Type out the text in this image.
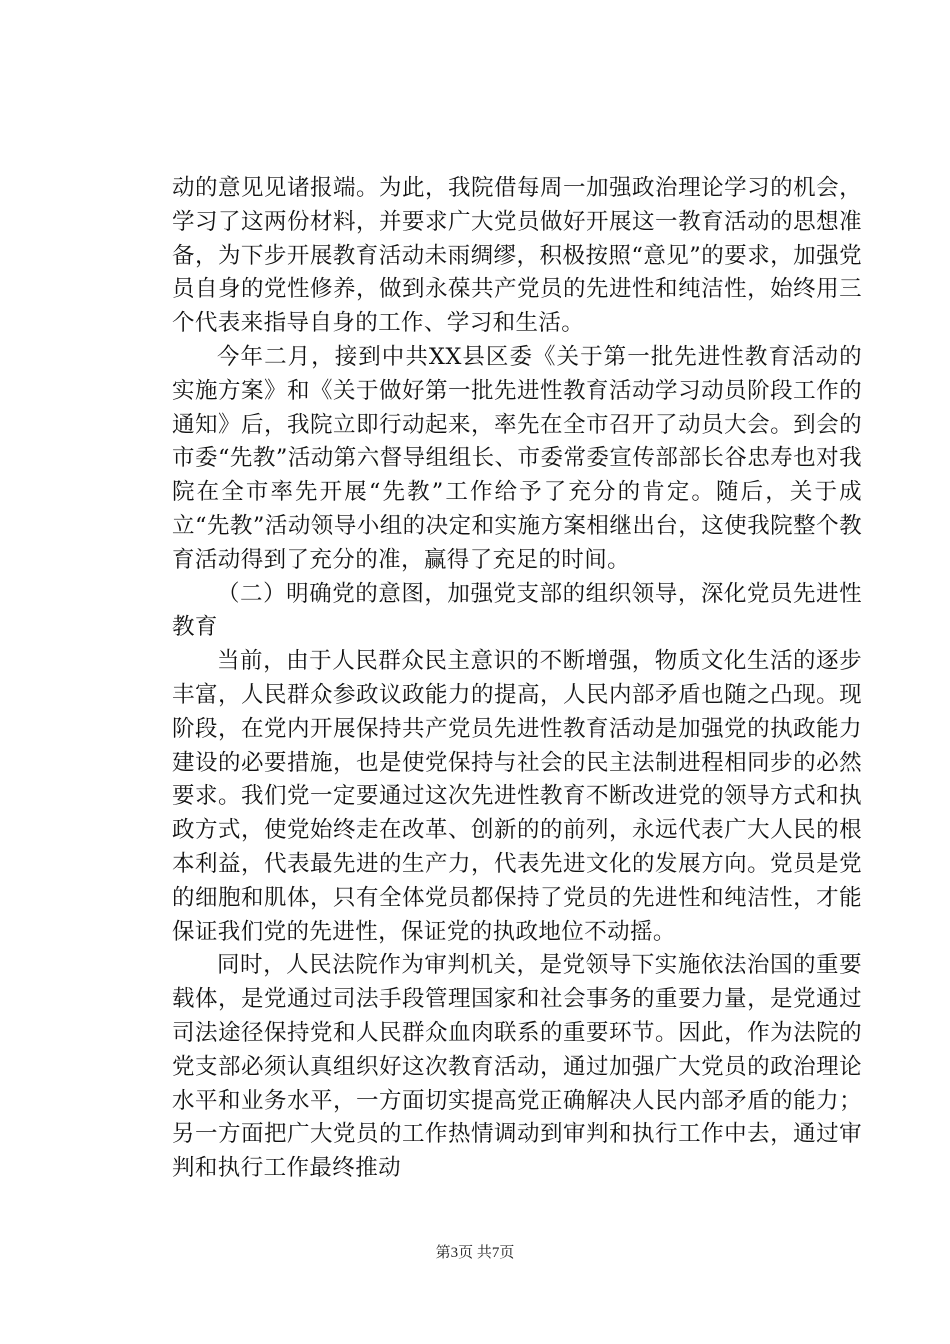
动的意见见诸报端。为此，我院借每周一加强政治理论学习的机会，学习了这两份材料，并要求广大党员做好开展这一教育活动的思想准备，为下步开展教育活动未雨绸缪，积极按照“意见”的要求，加强党员自身的党性修养，做到永葆共产党员的先进性和纯洁性，始终用三个代表来指导自身的工作、学习和生活。

今年二月，接到中共XX县区委《关于第一批先进性教育活动的实施方案》和《关于做好第一批先进性教育活动学习动员阶段工作的通知》后，我院立即行动起来，率先在全市召开了动员大会。到会的市委“先教”活动第六督导组组长、市委常委宣传部部长谷忠寿也对我院在全市率先开展“先教”工作给予了充分的肯定。随后，关于成立“先教”活动领导小组的决定和实施方案相继出台，这使我院整个教育活动得到了充分的准，赢得了充足的时间。

（二）明确党的意图，加强党支部的组织领导，深化党员先进性教育

当前，由于人民群众民主意识的不断增强，物质文化生活的逐步丰富，人民群众参政议政能力的提高，人民内部矛盾也随之凸现。现阶段，在党内开展保持共产党员先进性教育活动是加强党的执政能力建设的必要措施，也是使党保持与社会的民主法制进程相同步的必然要求。我们党一定要通过这次先进性教育不断改进党的领导方式和执政方式，使党始终走在改革、创新的的前列，永远代表广大人民的根本利益，代表最先进的生产力，代表先进文化的发展方向。党员是党的细胞和肌体，只有全体党员都保持了党员的先进性和纯洁性，才能保证我们党的先进性，保证党的执政地位不动摇。

同时，人民法院作为审判机关，是党领导下实施依法治国的重要载体，是党通过司法手段管理国家和社会事务的重要力量，是党通过司法途径保持党和人民群众血肉联系的重要环节。因此，作为法院的党支部必须认真组织好这次教育活动，通过加强广大党员的政治理论水平和业务水平，一方面切实提高党正确解决人民内部矛盾的能力；另一方面把广大党员的工作热情调动到审判和执行工作中去，通过审判和执行工作最终推动

第3页 共7页
